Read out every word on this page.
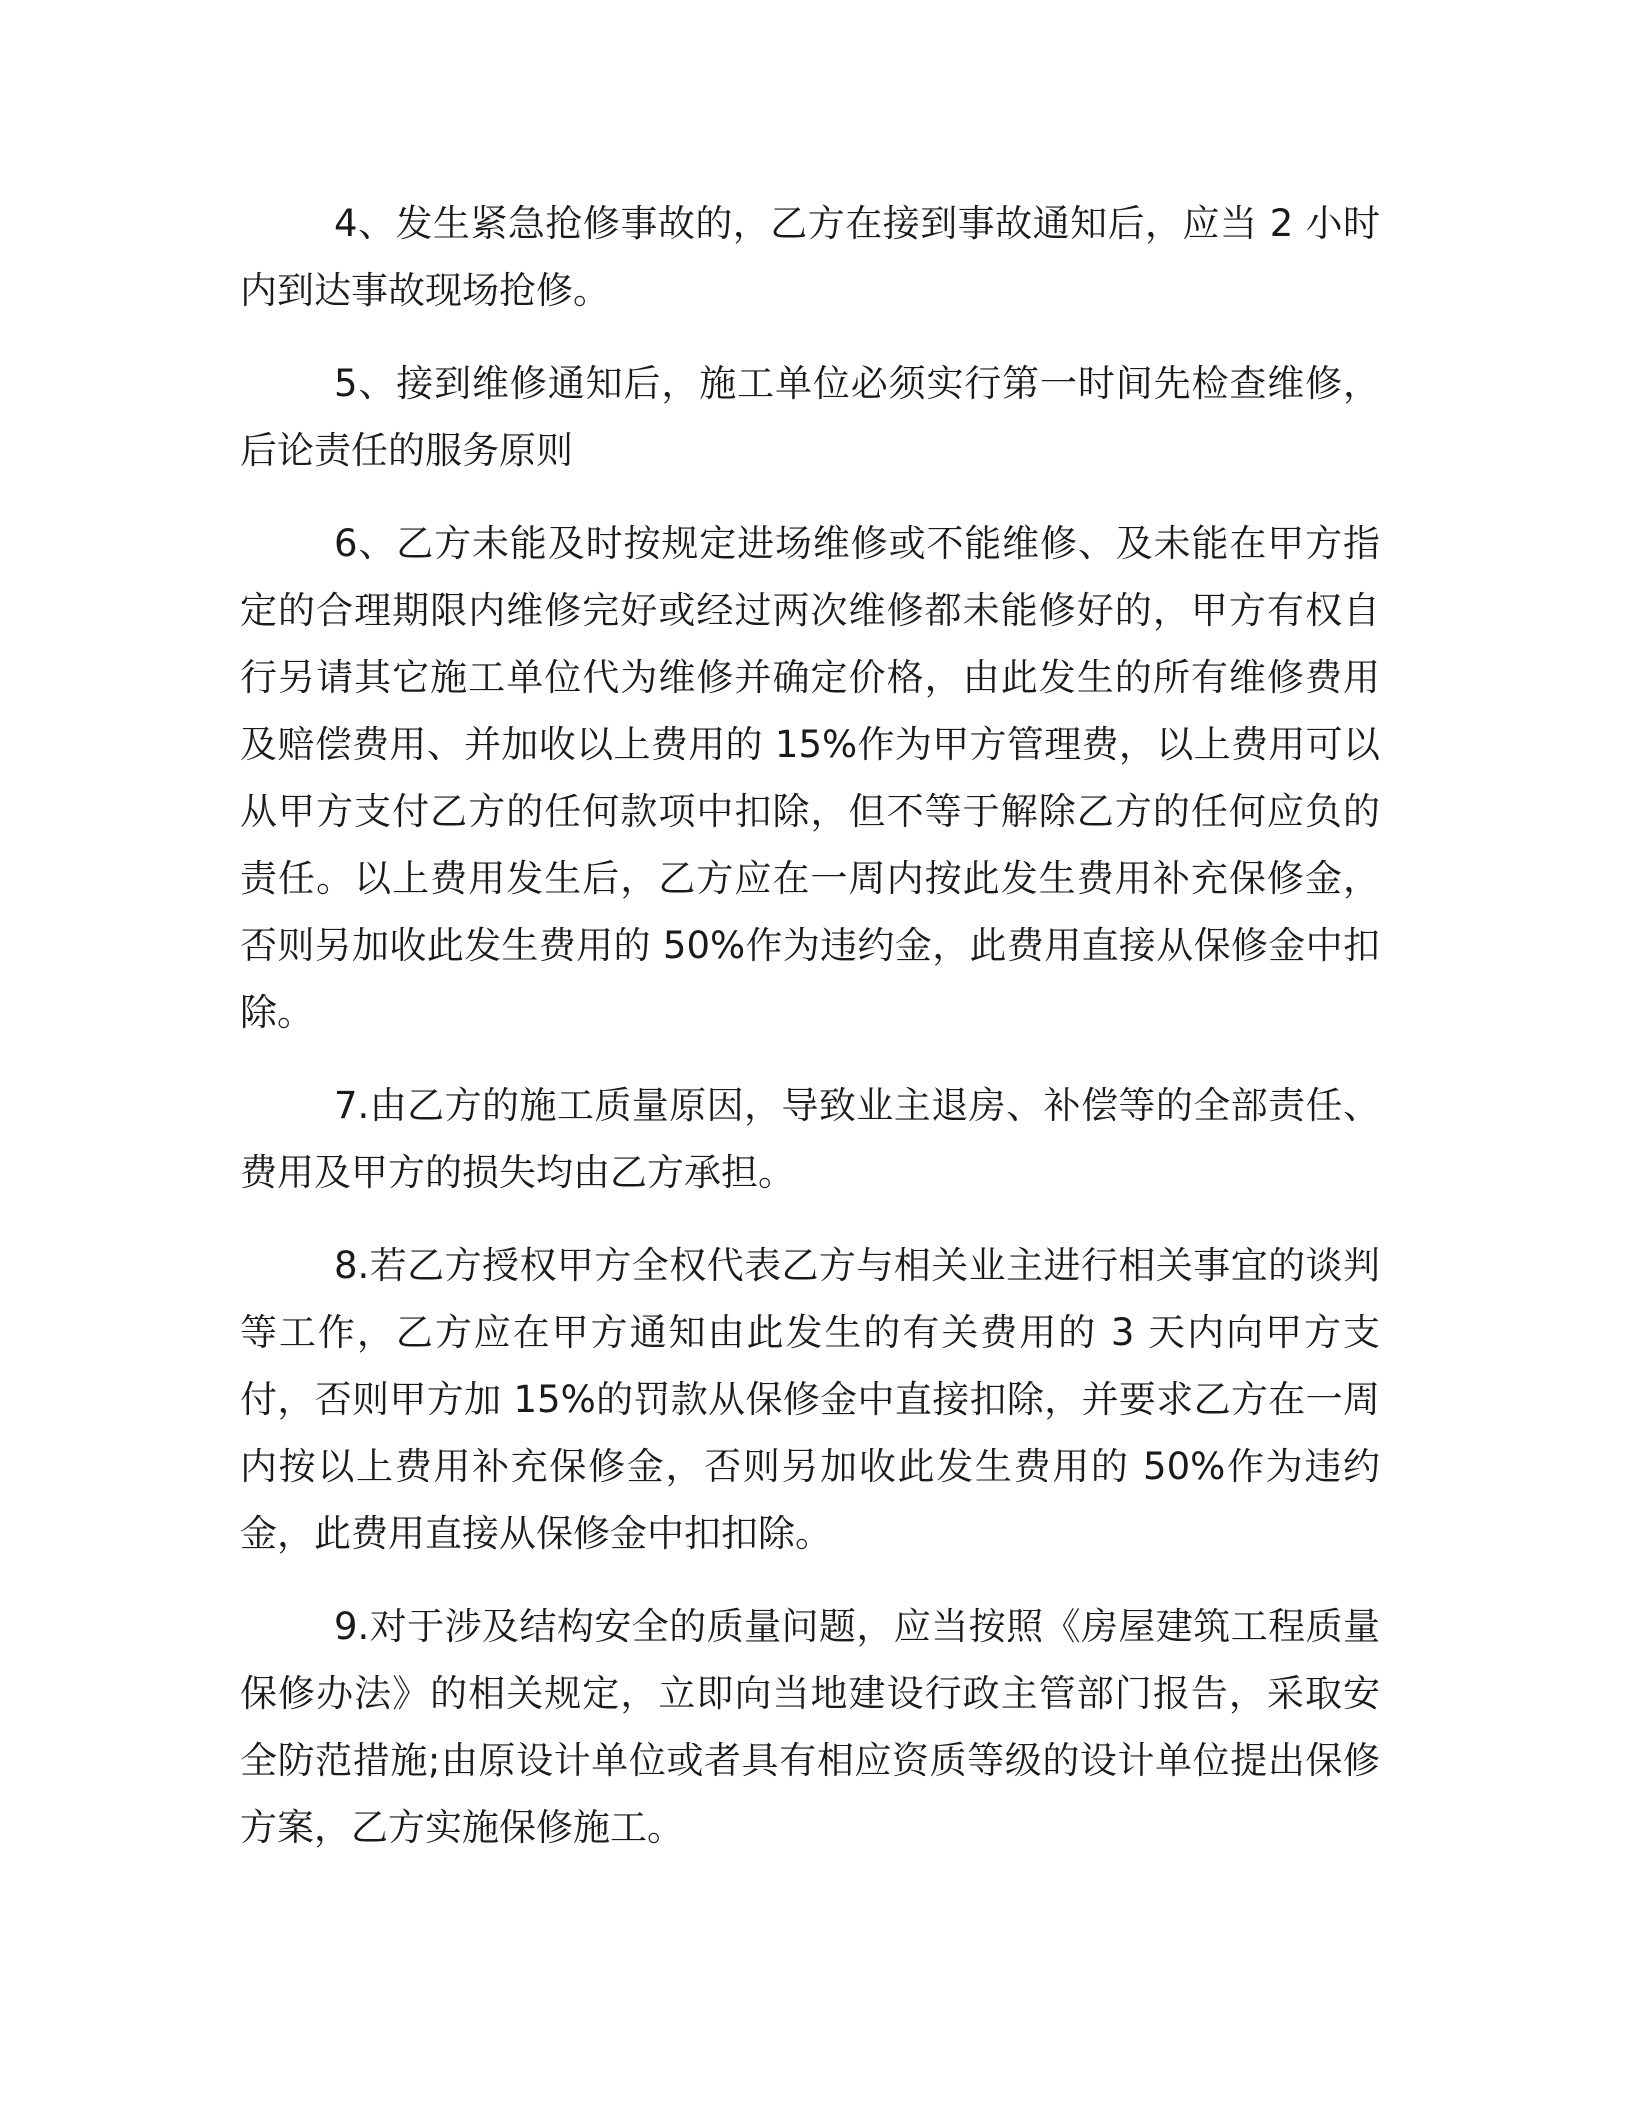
4、发生紧急抢修事故的，乙方在接到事故通知后，应当 2 小时内到达事故现场抢修。

5、接到维修通知后，施工单位必须实行第一时间先检查维修，后论责任的服务原则

6、乙方未能及时按规定进场维修或不能维修、及未能在甲方指定的合理期限内维修完好或经过两次维修都未能修好的，甲方有权自行另请其它施工单位代为维修并确定价格，由此发生的所有维修费用及赔偿费用、并加收以上费用的 15%作为甲方管理费，以上费用可以从甲方支付乙方的任何款项中扣除，但不等于解除乙方的任何应负的责任。以上费用发生后，乙方应在一周内按此发生费用补充保修金，否则另加收此发生费用的 50%作为违约金，此费用直接从保修金中扣除。

7.由乙方的施工质量原因，导致业主退房、补偿等的全部责任、费用及甲方的损失均由乙方承担。

8.若乙方授权甲方全权代表乙方与相关业主进行相关事宜的谈判等工作，乙方应在甲方通知由此发生的有关费用的 3 天内向甲方支付，否则甲方加 15%的罚款从保修金中直接扣除，并要求乙方在一周内按以上费用补充保修金，否则另加收此发生费用的 50%作为违约金，此费用直接从保修金中扣扣除。

9.对于涉及结构安全的质量问题，应当按照《房屋建筑工程质量保修办法》的相关规定，立即向当地建设行政主管部门报告，采取安全防范措施;由原设计单位或者具有相应资质等级的设计单位提出保修方案，乙方实施保修施工。
